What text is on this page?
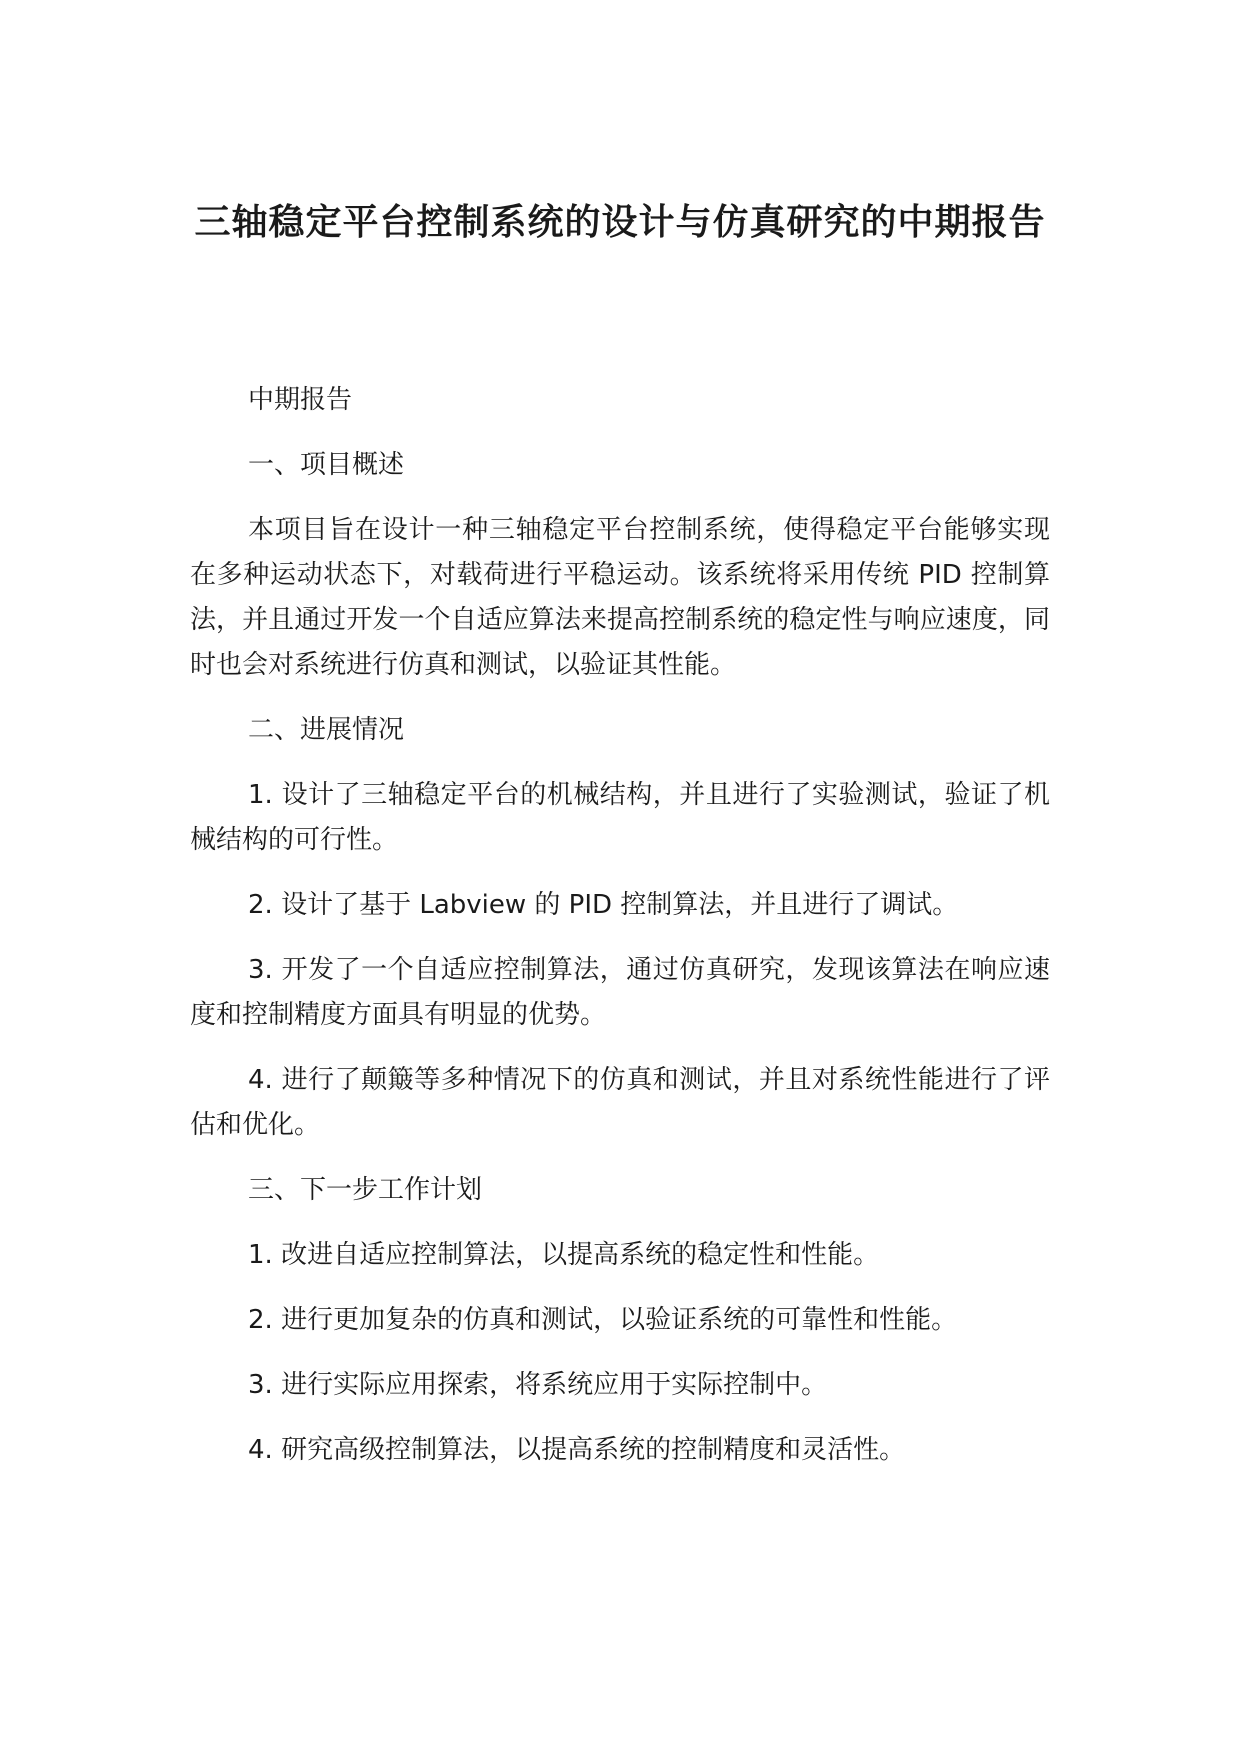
三轴稳定平台控制系统的设计与仿真研究的中期报告

中期报告

一、项目概述

本项目旨在设计一种三轴稳定平台控制系统，使得稳定平台能够实现在多种运动状态下，对载荷进行平稳运动。该系统将采用传统 PID 控制算法，并且通过开发一个自适应算法来提高控制系统的稳定性与响应速度，同时也会对系统进行仿真和测试，以验证其性能。

二、进展情况

1. 设计了三轴稳定平台的机械结构，并且进行了实验测试，验证了机械结构的可行性。

2. 设计了基于 Labview 的 PID 控制算法，并且进行了调试。

3. 开发了一个自适应控制算法，通过仿真研究，发现该算法在响应速度和控制精度方面具有明显的优势。

4. 进行了颠簸等多种情况下的仿真和测试，并且对系统性能进行了评估和优化。

三、下一步工作计划

1. 改进自适应控制算法，以提高系统的稳定性和性能。

2. 进行更加复杂的仿真和测试，以验证系统的可靠性和性能。

3. 进行实际应用探索，将系统应用于实际控制中。

4. 研究高级控制算法，以提高系统的控制精度和灵活性。
